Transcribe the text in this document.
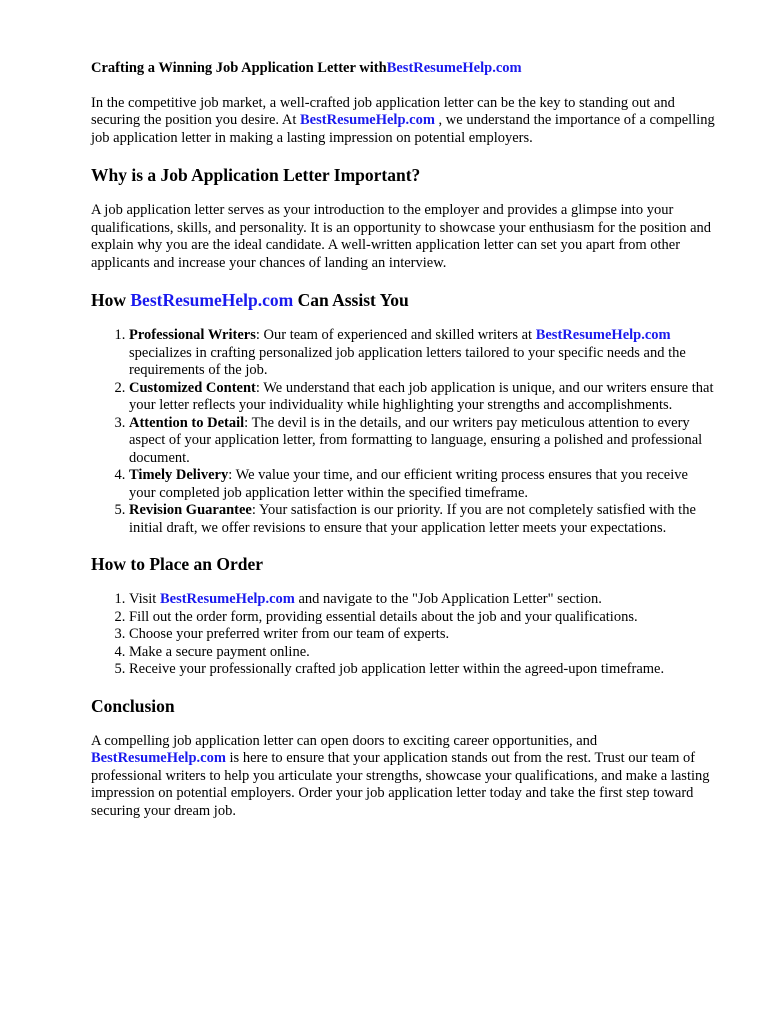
Crafting a Winning Job Application Letter withBestResumeHelp.com

In the competitive job market, a well-crafted job application letter can be the key to standing out and securing the position you desire. At BestResumeHelp.com , we understand the importance of a compelling job application letter in making a lasting impression on potential employers.

Why is a Job Application Letter Important?

A job application letter serves as your introduction to the employer and provides a glimpse into your qualifications, skills, and personality. It is an opportunity to showcase your enthusiasm for the position and explain why you are the ideal candidate. A well-written application letter can set you apart from other applicants and increase your chances of landing an interview.

How BestResumeHelp.com Can Assist You
1. Professional Writers: Our team of experienced and skilled writers at BestResumeHelp.com specializes in crafting personalized job application letters tailored to your specific needs and the requirements of the job.
2. Customized Content: We understand that each job application is unique, and our writers ensure that your letter reflects your individuality while highlighting your strengths and accomplishments.
3. Attention to Detail: The devil is in the details, and our writers pay meticulous attention to every aspect of your application letter, from formatting to language, ensuring a polished and professional document.
4. Timely Delivery: We value your time, and our efficient writing process ensures that you receive your completed job application letter within the specified timeframe.
5. Revision Guarantee: Your satisfaction is our priority. If you are not completely satisfied with the initial draft, we offer revisions to ensure that your application letter meets your expectations.
How to Place an Order
1. Visit BestResumeHelp.com and navigate to the "Job Application Letter" section.
2. Fill out the order form, providing essential details about the job and your qualifications.
3. Choose your preferred writer from our team of experts.
4. Make a secure payment online.
5. Receive your professionally crafted job application letter within the agreed-upon timeframe.
Conclusion

A compelling job application letter can open doors to exciting career opportunities, and BestResumeHelp.com is here to ensure that your application stands out from the rest. Trust our team of professional writers to help you articulate your strengths, showcase your qualifications, and make a lasting impression on potential employers. Order your job application letter today and take the first step toward securing your dream job.
